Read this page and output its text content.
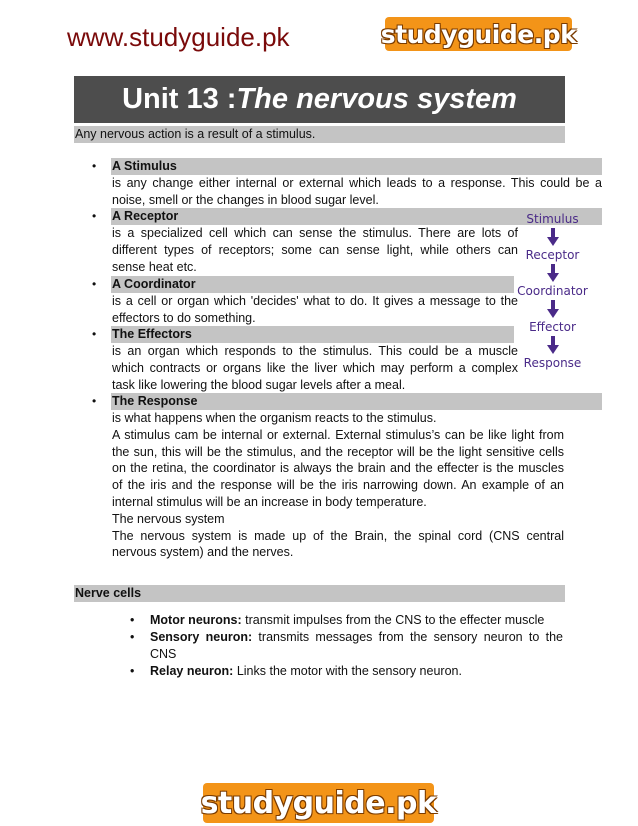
www.studyguide.pk	studyguide.pk
Unit 13 : The nervous system
Any nervous action is a result of a stimulus.
• A Stimulus
is any change either internal or external which leads to a response. This could be a noise, smell or the changes in blood sugar level.
• A Receptor
is a specialized cell which can sense the stimulus. There are lots of different types of receptors; some can sense light, while others can sense heat etc.
• A Coordinator
is a cell or organ which 'decides' what to do. It gives a message to the effectors to do something.
• The Effectors
is an organ which responds to the stimulus. This could be a muscle which contracts or organs like the liver which may perform a complex task like lowering the blood sugar levels after a meal.
• The Response
is what happens when the organism reacts to the stimulus.
A stimulus cam be internal or external. External stimulus’s can be like light from the sun, this will be the stimulus, and the receptor will be the light sensitive cells on the retina, the coordinator is always the brain and the effecter is the muscles of the iris and the response will be the iris narrowing down. An example of an internal stimulus will be an increase in body temperature.
The nervous system
The nervous system is made up of the Brain, the spinal cord (CNS central nervous system) and the nerves.
Stimulus
Receptor
Coordinator
Effector
Response
Nerve cells
• Motor neurons: transmit impulses from the CNS to the effecter muscle
• Sensory neuron: transmits messages from the sensory neuron to the CNS
• Relay neuron: Links the motor with the sensory neuron.
studyguide.pk
